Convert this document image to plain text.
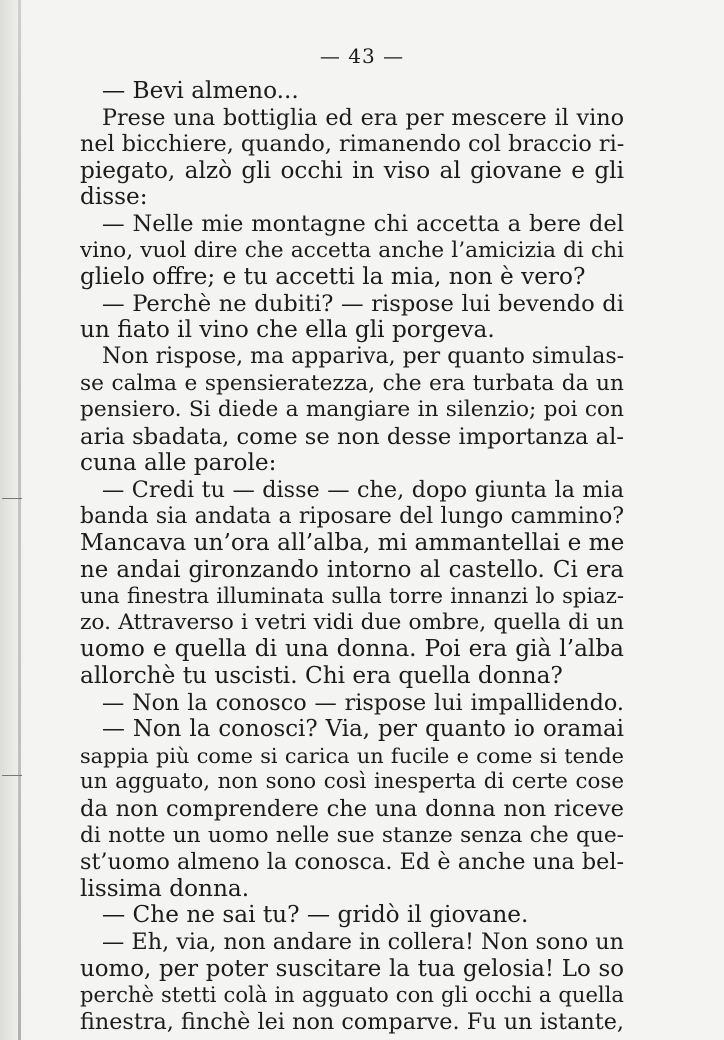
— 43 —
— Bevi almeno...
Prese una bottiglia ed era per mescere il vino
nel bicchiere, quando, rimanendo col braccio ri-
piegato, alzò gli occhi in viso al giovane e gli
disse:
— Nelle mie montagne chi accetta a bere del
vino, vuol dire che accetta anche l’amicizia di chi
glielo offre; e tu accetti la mia, non è vero?
— Perchè ne dubiti? — rispose lui bevendo di
un fiato il vino che ella gli porgeva.
Non rispose, ma appariva, per quanto simulas-
se calma e spensieratezza, che era turbata da un
pensiero. Si diede a mangiare in silenzio; poi con
aria sbadata, come se non desse importanza al-
cuna alle parole:
— Credi tu — disse — che, dopo giunta la mia
banda sia andata a riposare del lungo cammino?
Mancava un’ora all’alba, mi ammantellai e me
ne andai gironzando intorno al castello. Ci era
una finestra illuminata sulla torre innanzi lo spiaz-
zo. Attraverso i vetri vidi due ombre, quella di un
uomo e quella di una donna. Poi era già l’alba
allorchè tu uscisti. Chi era quella donna?
— Non la conosco — rispose lui impallidendo.
— Non la conosci? Via, per quanto io oramai
sappia più come si carica un fucile e come si tende
un agguato, non sono così inesperta di certe cose
da non comprendere che una donna non riceve
di notte un uomo nelle sue stanze senza che que-
st’uomo almeno la conosca. Ed è anche una bel-
lissima donna.
— Che ne sai tu? — gridò il giovane.
— Eh, via, non andare in collera! Non sono un
uomo, per poter suscitare la tua gelosia! Lo so
perchè stetti colà in agguato con gli occhi a quella
finestra, finchè lei non comparve. Fu un istante,
